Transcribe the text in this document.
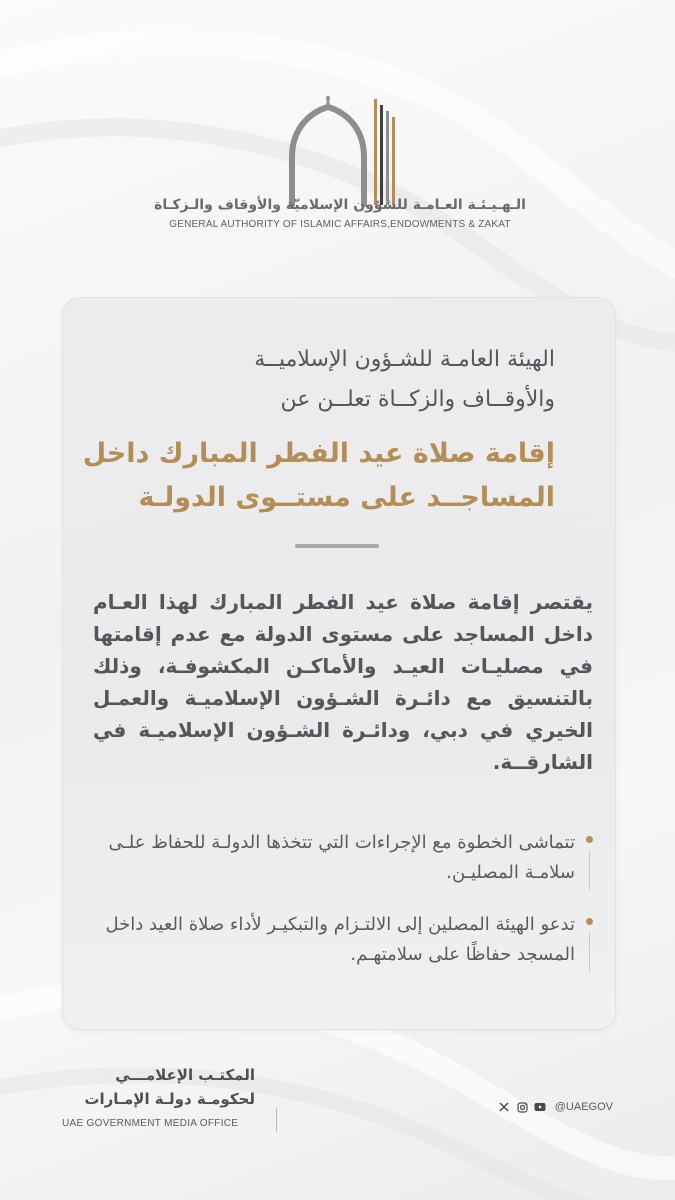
الـهـيـئـة العـامـة للشؤون الإسلاميّة والأوقاف والـزكـاة
GENERAL AUTHORITY OF ISLAMIC AFFAIRS,ENDOWMENTS & ZAKAT
الهيئة العامـة للشـؤون الإسلاميــة
والأوقــاف والزكــاة تعلــن عن
إقامة صلاة عيد الفطر المبارك داخل
المساجــد على مستــوى الدولـة
يقتصر إقامة صلاة عيد الفطر المبارك لهذا العـام داخل المساجد على مستوى الدولة مع عدم إقامتها في مصليـات العيـد والأماكـن المكشوفـة، وذلك بالتنسيق مع دائـرة الشـؤون الإسلاميـة والعمـل الخيري في دبي، ودائـرة الشـؤون الإسلاميـة في الشارقــة.
تتماشى الخطوة مع الإجراءات التي تتخذها الدولـة للحفاظ علـى سلامـة المصليـن.
تدعو الهيئة المصلين إلى الالتـزام والتبكيـر لأداء صلاة العيد داخل المسجد حفاظًا على سلامتهـم.
المكتـب الإعلامـــي
لحكومـة دولـة الإمـارات
UAE GOVERNMENT MEDIA OFFICE
@UAEGOV
